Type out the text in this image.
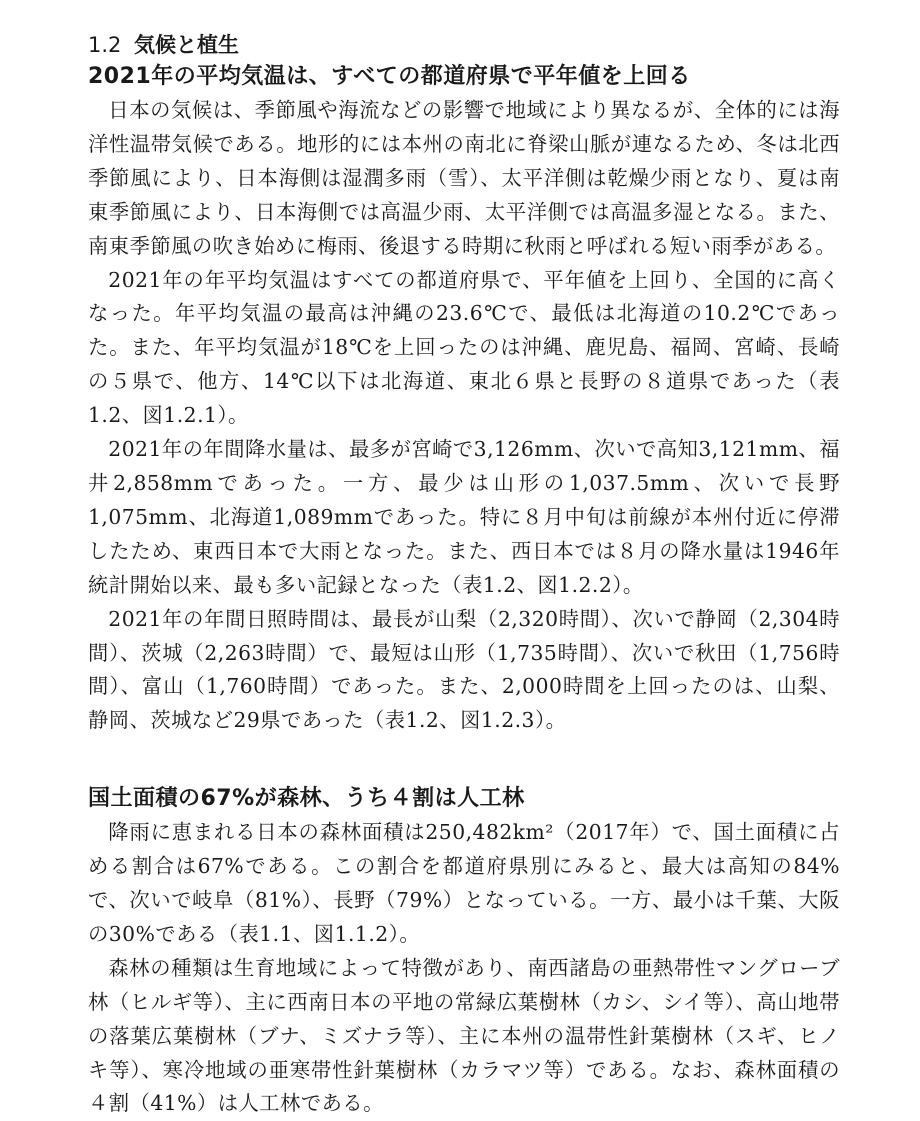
1.2 気候と植生
2021年の平均気温は、すべての都道府県で平年値を上回る

日本の気候は、季節風や海流などの影響で地域により異なるが、全体的には海洋性温帯気候である。地形的には本州の南北に脊梁山脈が連なるため、冬は北西季節風により、日本海側は湿潤多雨（雪）、太平洋側は乾燥少雨となり、夏は南東季節風により、日本海側では高温少雨、太平洋側では高温多湿となる。また、南東季節風の吹き始めに梅雨、後退する時期に秋雨と呼ばれる短い雨季がある。

2021年の年平均気温はすべての都道府県で、平年値を上回り、全国的に高くなった。年平均気温の最高は沖縄の23.6℃で、最低は北海道の10.2℃であった。また、年平均気温が18℃を上回ったのは沖縄、鹿児島、福岡、宮崎、長崎の５県で、他方、14℃以下は北海道、東北６県と長野の８道県であった（表1.2、図1.2.1）。

2021年の年間降水量は、最多が宮崎で3,126mm、次いで高知3,121mm、福井2,858mmであった。一方、最少は山形の1,037.5mm、次いで長野1,075mm、北海道1,089mmであった。特に８月中旬は前線が本州付近に停滞したため、東西日本で大雨となった。また、西日本では８月の降水量は1946年統計開始以来、最も多い記録となった（表1.2、図1.2.2）。

2021年の年間日照時間は、最長が山梨（2,320時間）、次いで静岡（2,304時間）、茨城（2,263時間）で、最短は山形（1,735時間）、次いで秋田（1,756時間）、富山（1,760時間）であった。また、2,000時間を上回ったのは、山梨、静岡、茨城など29県であった（表1.2、図1.2.3）。

国土面積の67%が森林、うち４割は人工林

降雨に恵まれる日本の森林面積は250,482km²（2017年）で、国土面積に占める割合は67%である。この割合を都道府県別にみると、最大は高知の84%で、次いで岐阜（81%）、長野（79%）となっている。一方、最小は千葉、大阪の30%である（表1.1、図1.1.2）。

森林の種類は生育地域によって特徴があり、南西諸島の亜熱帯性マングローブ林（ヒルギ等）、主に西南日本の平地の常緑広葉樹林（カシ、シイ等）、高山地帯の落葉広葉樹林（ブナ、ミズナラ等）、主に本州の温帯性針葉樹林（スギ、ヒノキ等）、寒冷地域の亜寒帯性針葉樹林（カラマツ等）である。なお、森林面積の４割（41%）は人工林である。
